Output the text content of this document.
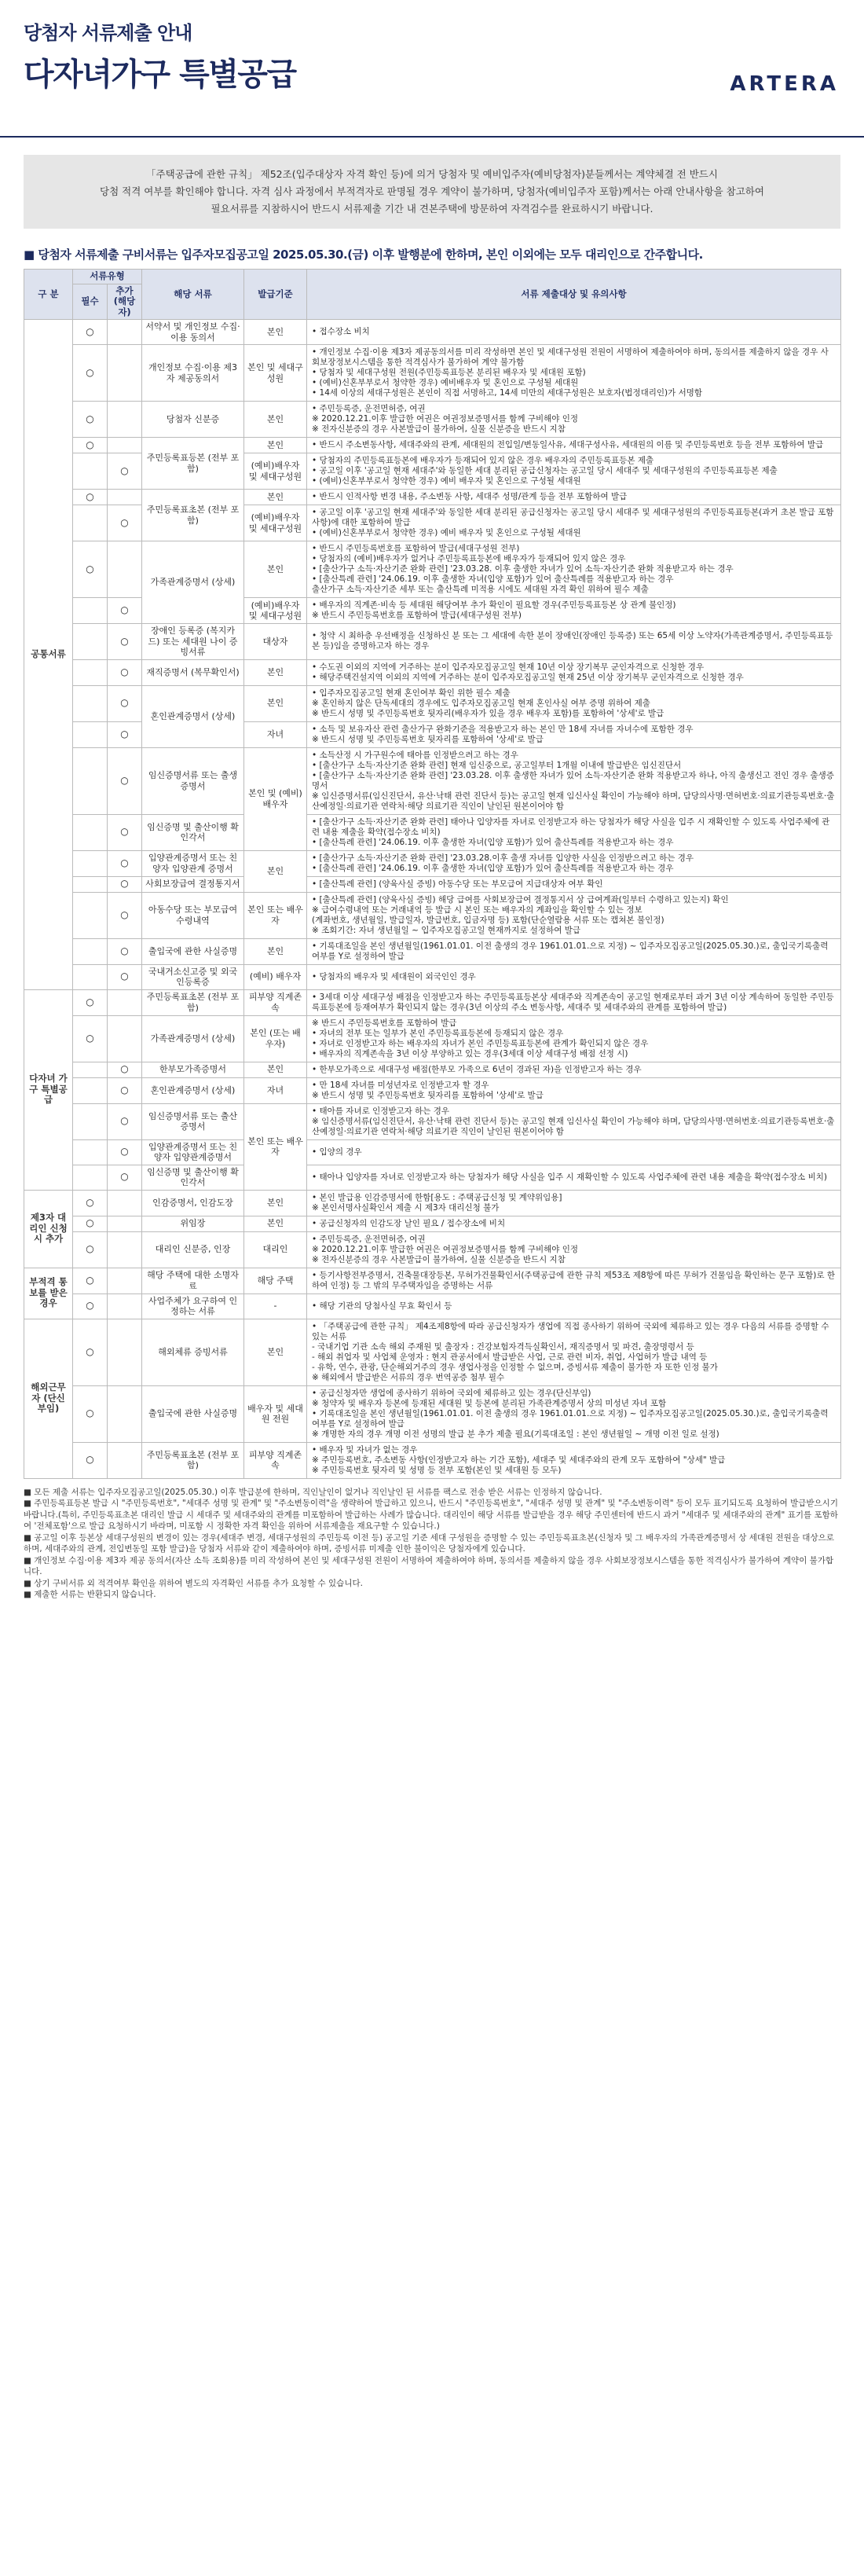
당첨자 서류제출 안내
다자녀가구 특별공급	ARTERA
「주택공급에 관한 규칙」 제52조(입주대상자 자격 확인 등)에 의거 당첨자 및 예비입주자(예비당첨자)분들께서는 계약체결 전 반드시
당첨 적격 여부를 확인해야 합니다. 자격 심사 과정에서 부적격자로 판명될 경우 계약이 불가하며, 당첨자(예비입주자 포함)께서는 아래 안내사항을 참고하여
필요서류를 지참하시어 반드시 서류제출 기간 내 견본주택에 방문하여 자격검수를 완료하시기 바랍니다.
■ 당첨자 서류제출 구비서류는 입주자모집공고일 2025.05.30.(금) 이후 발행분에 한하며, 본인 이외에는 모두 대리인으로 간주합니다.
구 분	서류유형		해당 서류	발급기준	서류 제출대상 및 유의사항
	필수	추가
(해당자)			
공통서류	○		서약서 및 개인정보 수집·이용 동의서	본인	• 접수장소 비치

	○		개인정보 수집·이용 제3자 제공동의서	본인 및 세대구성원	• 개인정보 수집·이용 제3자 제공동의서를 미리 작성하면 본인 및 세대구성원 전원이 서명하여 제출하여야 하며, 동의서를 제출하지 않을 경우 사회보장정보시스템을 통한 적격심사가 불가하여 계약 불가함
• 당첨자 및 세대구성원 전원(주민등록표등본 분리된 배우자 및 세대원 포함)
• (예비)신혼부부로서 청약한 경우) 예비배우자 및 혼인으로 구성될 세대원
• 14세 이상의 세대구성원은 본인이 직접 서명하고, 14세 미만의 세대구성원은 보호자(법정대리인)가 서명함

	○		당첨자 신분증	본인	• 주민등록증, 운전면허증, 여권
※ 2020.12.21.이후 발급한 여권은 여권정보증명서를 함께 구비해야 인정
※ 전자신분증의 경우 사본발급이 불가하여, 실물 신분증을 반드시 지참

	○		주민등록표등본 (전부 포함)	본인	• 반드시 주소변동사항, 세대주와의 관계, 세대원의 전입일/변동일사유, 세대구성사유, 세대원의 이름 및 주민등록번호 등을 전부 포함하여 발급

		○		(예비)배우자 및 세대구성원	• 당첨자의 주민등록표등본에 배우자가 등재되어 있지 않은 경우 배우자의 주민등록표등본 제출
• 공고일 이후 '공고일 현재 세대주'와 동일한 세대 분리된 공급신청자는 공고일 당시 세대주 및 세대구성원의 주민등록표등본 제출
• (예비)신혼부부로서 청약한 경우) 예비 배우자 및 혼인으로 구성될 세대원

	○		주민등록표초본 (전부 포함)	본인	• 반드시 인적사항 변경 내용, 주소변동 사항, 세대주 성명/관계 등을 전부 포함하여 발급

		○		(예비)배우자 및 세대구성원	• 공고일 이후 '공고일 현재 세대주'와 동일한 세대 분리된 공급신청자는 공고일 당시 세대주 및 세대구성원의 주민등록표등본(과거 초본 발급 포함사항)에 대한 포함하여 발급
• (예비)신혼부부로서 청약한 경우) 예비 배우자 및 혼인으로 구성될 세대원

	○		가족관계증명서 (상세)	본인	• 반드시 주민등록번호를 포함하여 발급(세대구성원 전부)
• 당첨자의 (예비)배우자가 없거나 주민등록표등본에 배우자가 등재되어 있지 않은 경우
• [출산가구 소득·자산기준 완화 관련] '23.03.28. 이후 출생한 자녀가 있어 소득·자산기준 완화 적용받고자 하는 경우
• [출산특례 관련] '24.06.19. 이후 출생한 자녀(입양 포함)가 있어 출산특례를 적용받고자 하는 경우
출산가구 소득·자산기준 세부 또는 출산특례 미적용 시에도 세대원 자격 확인 위하여 필수 제출

		○		(예비)배우자 및 세대구성원	• 배우자의 직계존·비속 등 세대원 해당여부 추가 확인이 필요할 경우(주민등록표등본 상 관계 불인정)
※ 반드시 주민등록번호를 포함하여 발급(세대구성원 전부)

		○	장애인 등록증 (복지카드) 또는 세대원 나이 증빙서류	대상자	• 청약 시 최하층 우선배정을 신청하신 분 또는 그 세대에 속한 분이 장애인(장애인 등록증) 또는 65세 이상 노약자(가족관계증명서, 주민등록표등본 등)임을 증명하고자 하는 경우

		○	재직증명서 (복무확인서)	본인	• 수도권 이외의 지역에 거주하는 분이 입주자모집공고일 현재 10년 이상 장기복무 군인자격으로 신청한 경우
• 해당주택건설지역 이외의 지역에 거주하는 분이 입주자모집공고일 현재 25년 이상 장기복무 군인자격으로 신청한 경우

		○	혼인관계증명서 (상세)	본인	• 입주자모집공고일 현재 혼인여부 확인 위한 필수 제출
※ 혼인하지 않은 단독세대의 경우에도 입주자모집공고일 현재 혼인사실 여부 증명 위하여 제출
※ 반드시 성명 및 주민등록번호 뒷자리(배우자가 있을 경우 배우자 포함)를 포함하여 '상세'로 발급

		○		자녀	• 소득 및 보유자산 관련 출산가구 완화기준을 적용받고자 하는 본인 만 18세 자녀를 자녀수에 포함한 경우
※ 반드시 성명 및 주민등록번호 뒷자리를 포함하여 '상세'로 발급

		○	임신증명서류 또는 출생증명서	본인 및 (예비)배우자	• 소득산정 시 가구원수에 태아를 인정받으려고 하는 경우
• [출산가구 소득·자산기준 완화 관련] 현재 임신중으로, 공고일부터 1개월 이내에 발급받은 임신진단서
• [출산가구 소득·자산기준 완화 관련] '23.03.28. 이후 출생한 자녀가 있어 소득·자산기준 완화 적용받고자 하나, 아직 출생신고 전인 경우 출생증명서
※ 임신증명서류(임신진단서, 유산·낙태 관련 진단서 등)는 공고일 현재 임신사실 확인이 가능해야 하며, 담당의사명·면허번호·의료기관등록번호·출산예정일·의료기관 연락처·해당 의료기관 직인이 날인된 원본이어야 함

		○	임신증명 및 출산이행 확인각서		• [출산가구 소득·자산기준 완화 관련] 태아나 입양자를 자녀로 인정받고자 하는 당첨자가 해당 사실을 입주 시 재확인할 수 있도록 사업주체에 관련 내용 제출을 확약(접수장소 비치)
• [출산특례 관련] '24.06.19. 이후 출생한 자녀(입양 포함)가 있어 출산특례를 적용받고자 하는 경우

		○	입양관계증명서 또는 친양자 입양관계 증명서	본인	• [출산가구 소득·자산기준 완화 관련] '23.03.28.이후 출생 자녀를 입양한 사실을 인정받으려고 하는 경우
• [출산특례 관련] '24.06.19. 이후 출생한 자녀(입양 포함)가 있어 출산특례를 적용받고자 하는 경우

		○	사회보장급여 결정통지서		• [출산특례 관련] (양육사실 증빙) 아동수당 또는 부모급여 지급대상자 여부 확인

		○	아동수당 또는 부모급여 수령내역	본인 또는 배우자	• [출산특례 관련] (양육사실 증빙) 해당 급여를 사회보장급여 결정통지서 상 급여계좌(일부터 수령하고 있는지) 확인
※ 급여수령내역 또는 거래내역 등 발급 시 본인 또는 배우자의 계좌임을 확인할 수 있는 정보
(계좌번호, 생년월일, 발급일자, 발급번호, 입금자명 등) 포함(단순열람용 서류 또는 캡쳐본 불인정)
※ 조회기간: 자녀 생년월일 ~ 입주자모집공고일 현재까지로 설정하여 발급

		○	출입국에 관한 사실증명	본인	• 기록대조일을 본인 생년월일(1961.01.01. 이전 출생의 경우 1961.01.01.으로 지정) ~ 입주자모집공고일(2025.05.30.)로, 출입국기록출력 여부를 Y로 설정하여 발급

		○	국내거소신고증 및 외국인등록증	(예비) 배우자	• 당첨자의 배우자 및 세대원이 외국인인 경우

다자녀 가구 특별공급	○		주민등록표초본 (전부 포함)	피부양 직계존속	• 3세대 이상 세대구성 배점을 인정받고자 하는 주민등록표등본상 세대주와 직계존속이 공고일 현재로부터 과거 3년 이상 계속하여 동일한 주민등록표등본에 등재여부가 확인되지 않는 경우(3년 이상의 주소 변동사항, 세대주 및 세대주와의 관계를 포함하여 발급)

	○		가족관계증명서 (상세)	본인 (또는 배우자)	※ 반드시 주민등록번호를 포함하여 발급
• 자녀의 전부 또는 일부가 본인 주민등록표등본에 등재되지 않은 경우
• 자녀로 인정받고자 하는 배우자의 자녀가 본인 주민등록표등본에 관계가 확인되지 않은 경우
• 배우자의 직계존속을 3년 이상 부양하고 있는 경우(3세대 이상 세대구성 배점 선정 시)

		○	한부모가족증명서	본인	• 한부모가족으로 세대구성 배점(한부모 가족으로 6년이 경과된 자)을 인정받고자 하는 경우

		○	혼인관계증명서 (상세)	자녀	• 만 18세 자녀를 미성년자로 인정받고자 할 경우
※ 반드시 성명 및 주민등록번호 뒷자리를 포함하여 '상세'로 발급

		○	임신증명서류 또는 출산증명서	본인 또는 배우자	• 태아를 자녀로 인정받고자 하는 경우
※ 임신증명서류(임신진단서, 유산·낙태 관련 진단서 등)는 공고일 현재 임신사실 확인이 가능해야 하며, 담당의사명·면허번호·의료기관등록번호·출산예정일·의료기관 연락처·해당 의료기관 직인이 날인된 원본이어야 함

		○	입양관계증명서 또는 친양자 입양관계증명서		• 입양의 경우

		○	임신증명 및 출산이행 확인각서		• 태아나 입양자를 자녀로 인정받고자 하는 당첨자가 해당 사실을 입주 시 재확인할 수 있도록 사업주체에 관련 내용 제출을 확약(접수장소 비치)

제3자 대리인 신청 시 추가	○		인감증명서, 인감도장	본인	• 본인 발급용 인감증명서에 한함[용도 : 주택공급신청 및 계약위임용]
※ 본인서명사실확인서 제출 시 제3자 대리신청 불가

	○		위임장	본인	• 공급신청자의 인감도장 날인 필요 / 접수장소에 비치

	○		대리인 신분증, 인장	대리인	• 주민등록증, 운전면허증, 여권
※ 2020.12.21.이후 발급한 여권은 여권정보증명서를 함께 구비해야 인정
※ 전자신분증의 경우 사본발급이 불가하여, 실물 신분증을 반드시 지참

부적격 통보를 받은 경우	○		해당 주택에 대한 소명자료	해당 주택	• 등기사항전부증명서, 건축물대장등본, 무허가건물확인서(주택공급에 관한 규칙 제53조 제8항에 따른 무허가 건물임을 확인하는 문구 포함)로 한하여 인정) 등 그 밖의 무주택자임을 증명하는 서류

	○		사업주체가 요구하여 인정하는 서류	-	• 해당 기관의 당첨사실 무효 확인서 등

해외근무자 (단신부임)	○		해외체류 증빙서류	본인	• 「주택공급에 관한 규칙」 제4조제8항에 따라 공급신청자가 생업에 직접 종사하기 위하여 국외에 체류하고 있는 경우 다음의 서류를 증명할 수 있는 서류
- 국내기업 기관 소속 해외 주재원 및 출장자 : 건강보험자격득실확인서, 재직증명서 및 파견, 출장명령서 등
- 해외 취업자 및 사업체 운영자 : 현지 관공서에서 발급받은 사업, 근로 관련 비자, 취업, 사업허가 발급 내역 등
- 유학, 연수, 관광, 단순해외거주의 경우 생업사정을 인정할 수 없으며, 증빙서류 제출이 불가한 자 또한 인정 불가
※ 해외에서 발급받은 서류의 경우 번역공증 첨부 필수

	○		출입국에 관한 사실증명	배우자 및 세대원 전원	• 공급신청자만 생업에 종사하기 위하여 국외에 체류하고 있는 경우(단신부임)
※ 청약자 및 배우자 등본에 등재된 세대원 및 등본에 분리된 가족관계증명서 상의 미성년 자녀 포함
• 기록대조일을 본인 생년월일(1961.01.01. 이전 출생의 경우 1961.01.01.으로 지정) ~ 입주자모집공고일(2025.05.30.)로, 출입국기록출력 여부를 Y로 설정하여 발급
※ 개명한 자의 경우 개명 이전 성명의 발급 분 추가 제출 필요(기록대조일 : 본인 생년월일 ~ 개명 이전 일로 설정)

	○		주민등록표초본 (전부 포함)	피부양 직계존속	• 배우자 및 자녀가 없는 경우
※ 주민등록번호, 주소변동 사항(인정받고자 하는 기간 포함), 세대주 및 세대주와의 관계 모두 포함하여 "상세" 발급
※ 주민등록번호 뒷자리 및 성명 등 전부 포함(본인 및 세대원 등 모두)
■ 모든 제출 서류는 입주자모집공고일(2025.05.30.) 이후 발급분에 한하며, 직인날인이 없거나 직인날인 된 서류를 팩스로 전송 받은 서류는 인정하지 않습니다.
■ 주민등록표등본 발급 시 "주민등록번호", "세대주 성명 및 관계" 및 "주소변동이력"을 생략하여 발급하고 있으니, 반드시 "주민등록번호", "세대주 성명 및 관계" 및 "주소변동이력" 등이 모두 표기되도록 요청하여 발급받으시기 바랍니다.(특히, 주민등록표초본 대리인 발급 시 세대주 및 세대주와의 관계를 미포함하여 발급하는 사례가 많습니다. 대리인이 해당 서류를 발급받을 경우 해당 주민센터에 반드시 과거 "세대주 및 세대주와의 관계" 표기를 포함하여 '전체포함'으로 발급 요청하시기 바라며, 미포함 시 정확한 자격 확인을 위하여 서류제출을 재요구할 수 있습니다.)
■ 공고일 이후 등본상 세대구성원의 변경이 있는 경우(세대주 변경, 세대구성원의 주민등록 이전 등) 공고일 기준 세대 구성원을 증명할 수 있는 주민등록표초본(신청자 및 그 배우자의 가족관계증명서 상 세대원 전원을 대상으로 하며, 세대주와의 관계, 전입변동일 포함 발급)을 당첨자 서류와 같이 제출하여야 하며, 증빙서류 미제출 인한 불이익은 당첨자에게 있습니다.
■ 개인정보 수집·이용 제3자 제공 동의서(자산 소득 조회용)를 미리 작성하여 본인 및 세대구성원 전원이 서명하여 제출하여야 하며, 동의서를 제출하지 않을 경우 사회보장정보시스템을 통한 적격심사가 불가하여 계약이 불가합니다.
■ 상기 구비서류 외 적격여부 확인을 위하여 별도의 자격확인 서류를 추가 요청할 수 있습니다.
■ 제출한 서류는 반환되지 않습니다.
